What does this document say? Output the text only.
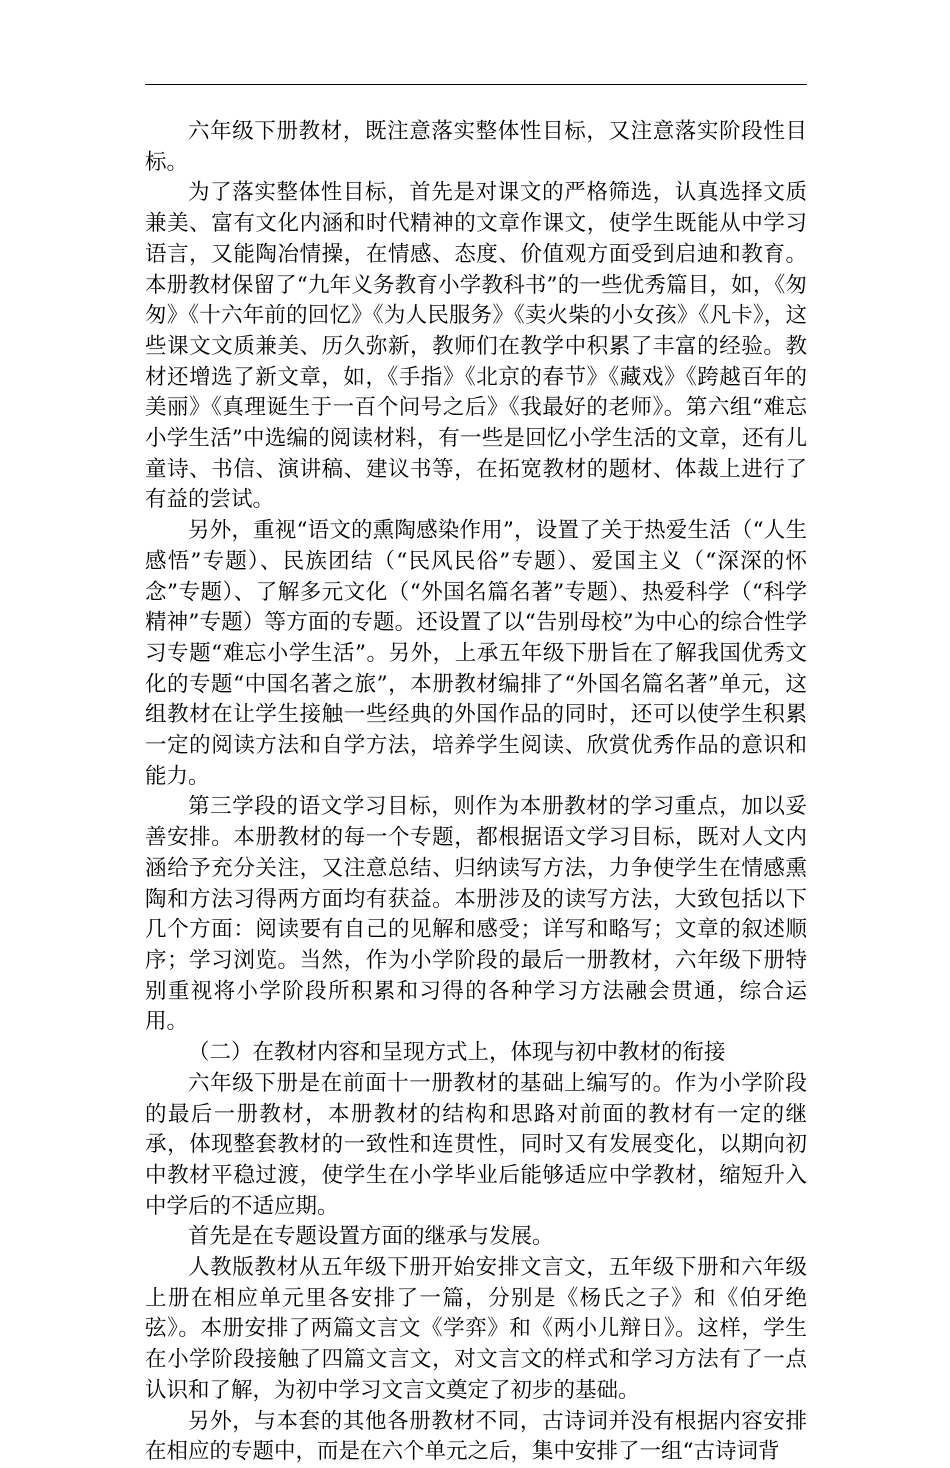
六年级下册教材，既注意落实整体性目标，又注意落实阶段性目标。

为了落实整体性目标，首先是对课文的严格筛选，认真选择文质兼美、富有文化内涵和时代精神的文章作课文，使学生既能从中学习语言，又能陶冶情操，在情感、态度、价值观方面受到启迪和教育。本册教材保留了“九年义务教育小学教科书”的一些优秀篇目，如，《匆匆》《十六年前的回忆》《为人民服务》《卖火柴的小女孩》《凡卡》，这些课文文质兼美、历久弥新，教师们在教学中积累了丰富的经验。教材还增选了新文章，如，《手指》《北京的春节》《藏戏》《跨越百年的美丽》《真理诞生于一百个问号之后》《我最好的老师》。第六组“难忘小学生活”中选编的阅读材料，有一些是回忆小学生活的文章，还有儿童诗、书信、演讲稿、建议书等，在拓宽教材的题材、体裁上进行了有益的尝试。

另外，重视“语文的熏陶感染作用”，设置了关于热爱生活（“人生感悟”专题）、民族团结（“民风民俗”专题）、爱国主义（“深深的怀念”专题）、了解多元文化（“外国名篇名著”专题）、热爱科学（“科学精神”专题）等方面的专题。还设置了以“告别母校”为中心的综合性学习专题“难忘小学生活”。另外，上承五年级下册旨在了解我国优秀文化的专题“中国名著之旅”，本册教材编排了“外国名篇名著”单元，这组教材在让学生接触一些经典的外国作品的同时，还可以使学生积累一定的阅读方法和自学方法，培养学生阅读、欣赏优秀作品的意识和能力。

第三学段的语文学习目标，则作为本册教材的学习重点，加以妥善安排。本册教材的每一个专题，都根据语文学习目标，既对人文内涵给予充分关注，又注意总结、归纳读写方法，力争使学生在情感熏陶和方法习得两方面均有获益。本册涉及的读写方法，大致包括以下几个方面：阅读要有自己的见解和感受；详写和略写；文章的叙述顺序；学习浏览。当然，作为小学阶段的最后一册教材，六年级下册特别重视将小学阶段所积累和习得的各种学习方法融会贯通，综合运用。

（二）在教材内容和呈现方式上，体现与初中教材的衔接

六年级下册是在前面十一册教材的基础上编写的。作为小学阶段的最后一册教材，本册教材的结构和思路对前面的教材有一定的继承，体现整套教材的一致性和连贯性，同时又有发展变化，以期向初中教材平稳过渡，使学生在小学毕业后能够适应中学教材，缩短升入中学后的不适应期。

首先是在专题设置方面的继承与发展。

人教版教材从五年级下册开始安排文言文，五年级下册和六年级上册在相应单元里各安排了一篇，分别是《杨氏之子》和《伯牙绝弦》。本册安排了两篇文言文《学弈》和《两小儿辩日》。这样，学生在小学阶段接触了四篇文言文，对文言文的样式和学习方法有了一点认识和了解，为初中学习文言文奠定了初步的基础。

另外，与本套的其他各册教材不同，古诗词并没有根据内容安排在相应的专题中，而是在六个单元之后，集中安排了一组“古诗词背
